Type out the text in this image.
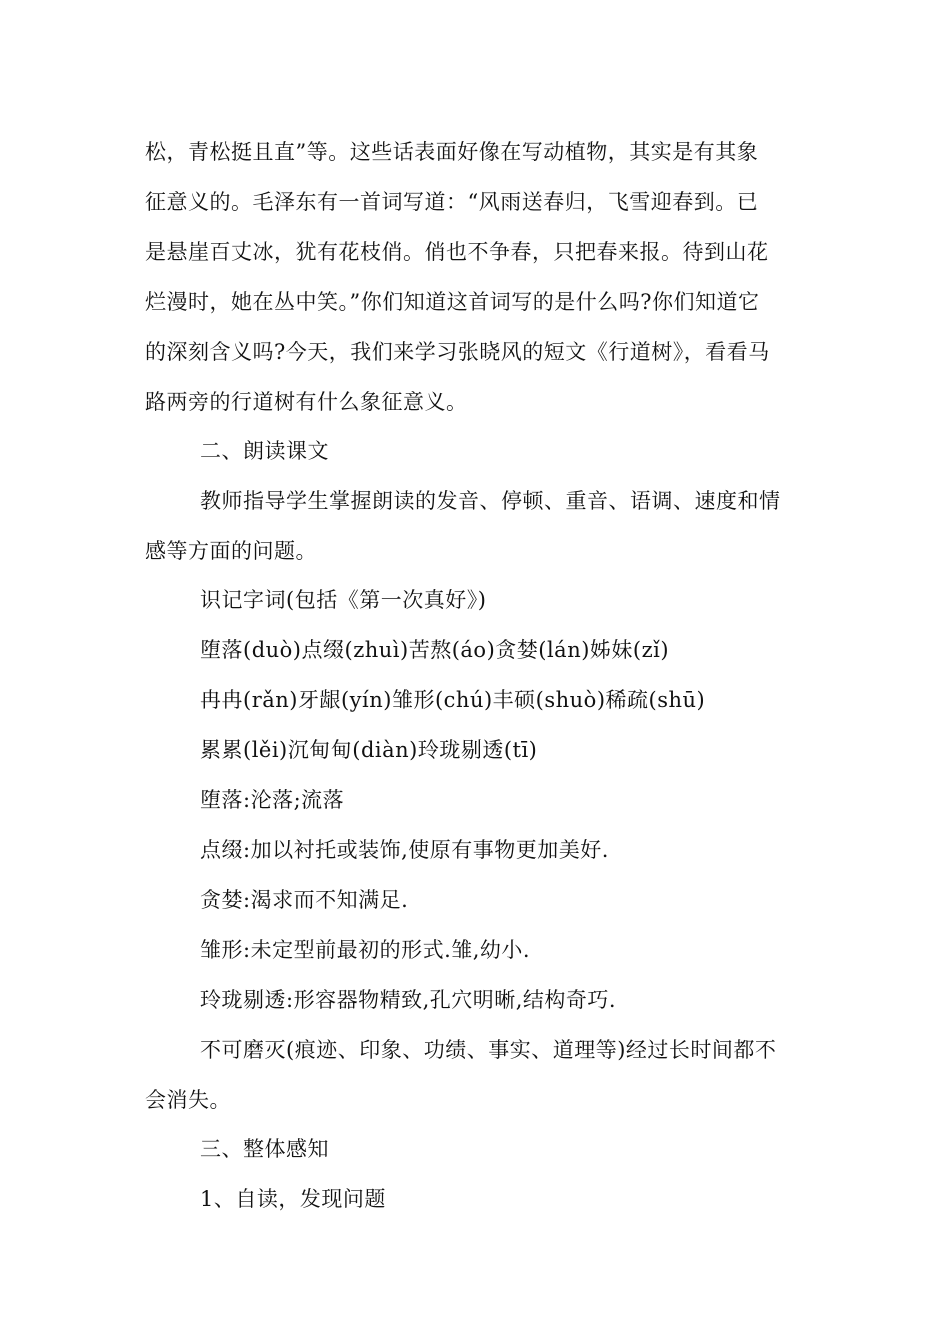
松，青松挺且直”等。这些话表面好像在写动植物，其实是有其象
征意义的。毛泽东有一首词写道：“风雨送春归，飞雪迎春到。已
是悬崖百丈冰，犹有花枝俏。俏也不争春，只把春来报。待到山花
烂漫时，她在丛中笑。”你们知道这首词写的是什么吗?你们知道它
的深刻含义吗?今天，我们来学习张晓风的短文《行道树》，看看马
路两旁的行道树有什么象征意义。
二、朗读课文
教师指导学生掌握朗读的发音、停顿、重音、语调、速度和情
感等方面的问题。
识记字词(包括《第一次真好》)
堕落(duò)点缀(zhuì)苦熬(áo)贪婪(lán)姊妹(zǐ)
冉冉(rǎn)牙龈(yín)雏形(chú)丰硕(shuò)稀疏(shū)
累累(lěi)沉甸甸(diàn)玲珑剔透(tī)
堕落:沦落;流落
点缀:加以衬托或装饰,使原有事物更加美好.
贪婪:渴求而不知满足.
雏形:未定型前最初的形式.雏,幼小.
玲珑剔透:形容器物精致,孔穴明晰,结构奇巧.
不可磨灭(痕迹、印象、功绩、事实、道理等)经过长时间都不
会消失。
三、整体感知
1、自读，发现问题
